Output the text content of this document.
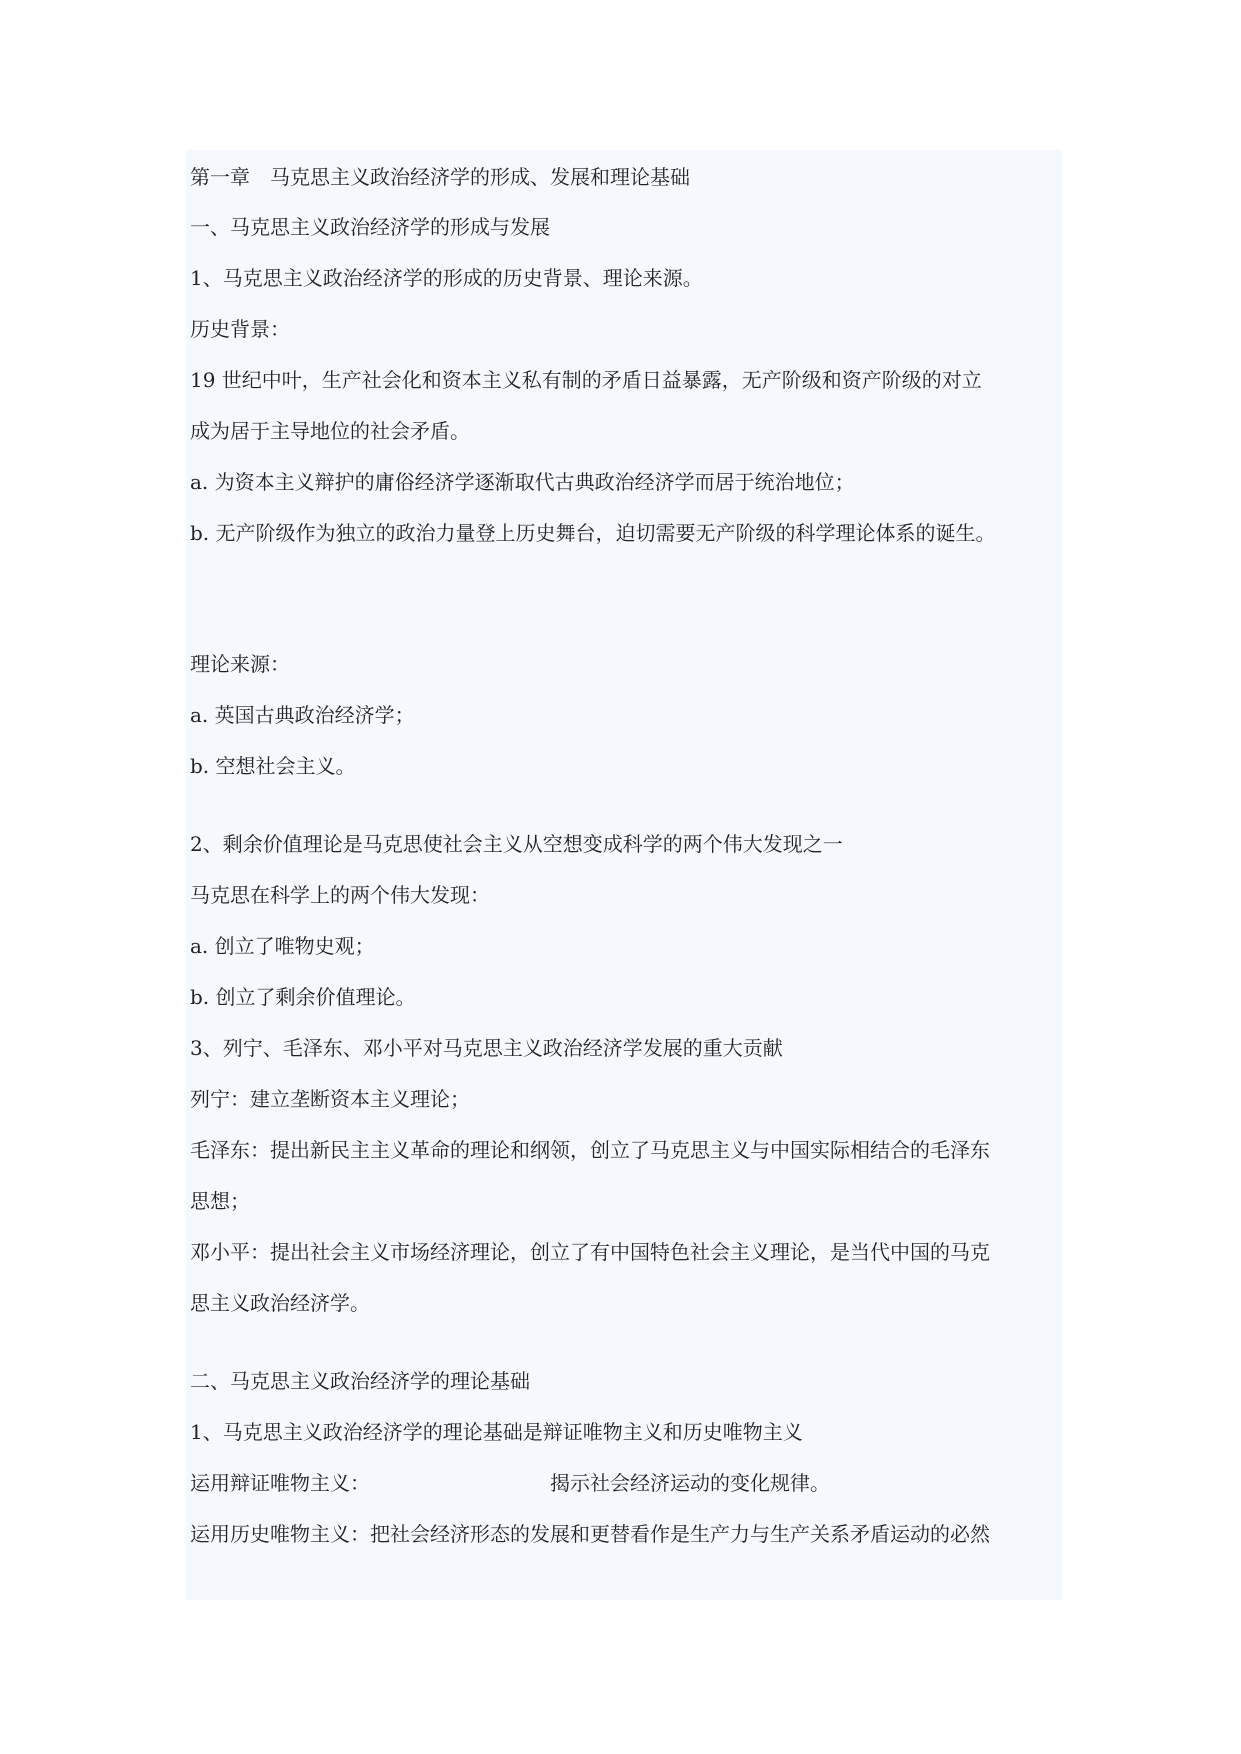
第一章　马克思主义政治经济学的形成、发展和理论基础
一、马克思主义政治经济学的形成与发展
1、马克思主义政治经济学的形成的历史背景、理论来源。
历史背景：
19 世纪中叶，生产社会化和资本主义私有制的矛盾日益暴露，无产阶级和资产阶级的对立
成为居于主导地位的社会矛盾。
a. 为资本主义辩护的庸俗经济学逐渐取代古典政治经济学而居于统治地位；
b. 无产阶级作为独立的政治力量登上历史舞台，迫切需要无产阶级的科学理论体系的诞生。
理论来源：
a. 英国古典政治经济学；
b. 空想社会主义。
2、剩余价值理论是马克思使社会主义从空想变成科学的两个伟大发现之一
马克思在科学上的两个伟大发现：
a. 创立了唯物史观；
b. 创立了剩余价值理论。
3、列宁、毛泽东、邓小平对马克思主义政治经济学发展的重大贡献
列宁：建立垄断资本主义理论；
毛泽东：提出新民主主义革命的理论和纲领，创立了马克思主义与中国实际相结合的毛泽东
思想；
邓小平：提出社会主义市场经济理论，创立了有中国特色社会主义理论，是当代中国的马克
思主义政治经济学。
二、马克思主义政治经济学的理论基础
1、马克思主义政治经济学的理论基础是辩证唯物主义和历史唯物主义
运用辩证唯物主义：	揭示社会经济运动的变化规律。
运用历史唯物主义：把社会经济形态的发展和更替看作是生产力与生产关系矛盾运动的必然
